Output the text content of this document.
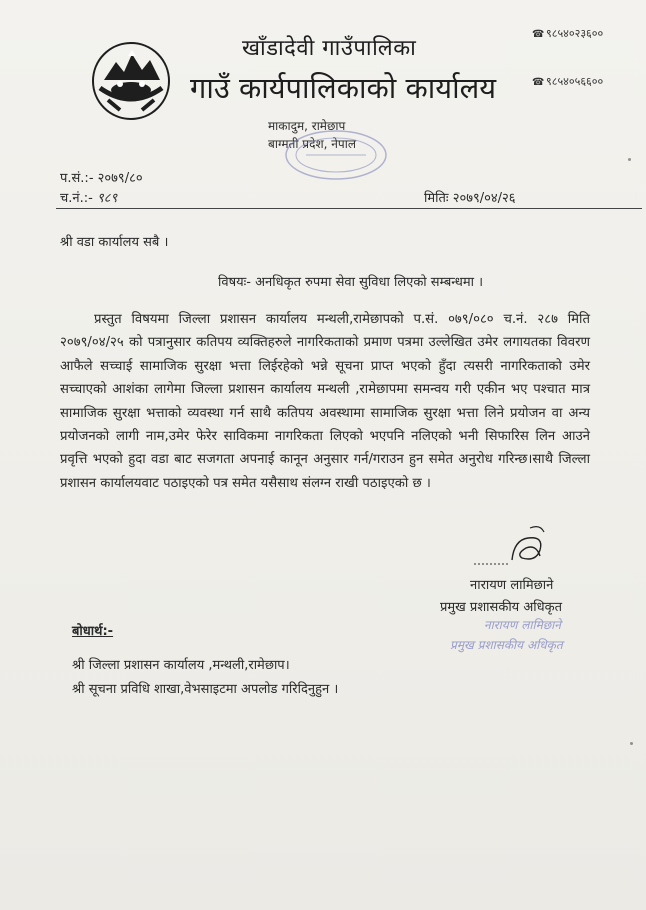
खाँडादेवी गाउँपालिका
गाउँ कार्यपालिकाको कार्यालय
माकादुम, रामेछाप
बाग्मती प्रदेश, नेपाल
☎ ९८५४०२३६००
☎ ९८५४०५६६००
प.सं.:- २०७९/८०
च.नं.:- ९८९	मितिः २०७९/०४/२६
श्री वडा कार्यालय सबै ।
विषयः- अनधिकृत रुपमा सेवा सुविधा लिएको सम्बन्धमा ।

प्रस्तुत विषयमा जिल्ला प्रशासन कार्यालय मन्थली,रामेछापको प.सं. ०७९/०८० च.नं. २८७ मिति २०७९/०४/२५ को पत्रानुसार कतिपय व्यक्तिहरुले नागरिकताको प्रमाण पत्रमा उल्लेखित उमेर लगायतका विवरण आफैले सच्चाई सामाजिक सुरक्षा भत्ता लिईरहेको भन्ने सूचना प्राप्त भएको हुँदा त्यसरी नागरिकताको उमेर सच्चाएको आशंका लागेमा जिल्ला प्रशासन कार्यालय मन्थली ,रामेछापमा समन्वय गरी एकीन भए पश्चात मात्र सामाजिक सुरक्षा भत्ताको व्यवस्था गर्न साथै कतिपय अवस्थामा सामाजिक सुरक्षा भत्ता लिने प्रयोजन वा अन्य प्रयोजनको लागी नाम,उमेर फेरेर साविकमा नागरिकता लिएको भएपनि नलिएको भनी सिफारिस लिन आउने प्रवृत्ति भएको हुदा वडा बाट सजगता अपनाई कानून अनुसार गर्न/गराउन हुन समेत अनुरोध गरिन्छ।साथै जिल्ला प्रशासन कार्यालयवाट पठाइएको पत्र समेत यसैसाथ संलग्न राखी पठाइएको छ ।

नारायण लामिछाने
प्रमुख प्रशासकीय अधिकृत
नारायण लामिछाने
प्रमुख प्रशासकीय अधिकृत
बोधार्थ:-
श्री जिल्ला प्रशासन कार्यालय ,मन्थली,रामेछाप।
श्री सूचना प्रविधि शाखा,वेभसाइटमा अपलोड गरिदिनुहुन ।
